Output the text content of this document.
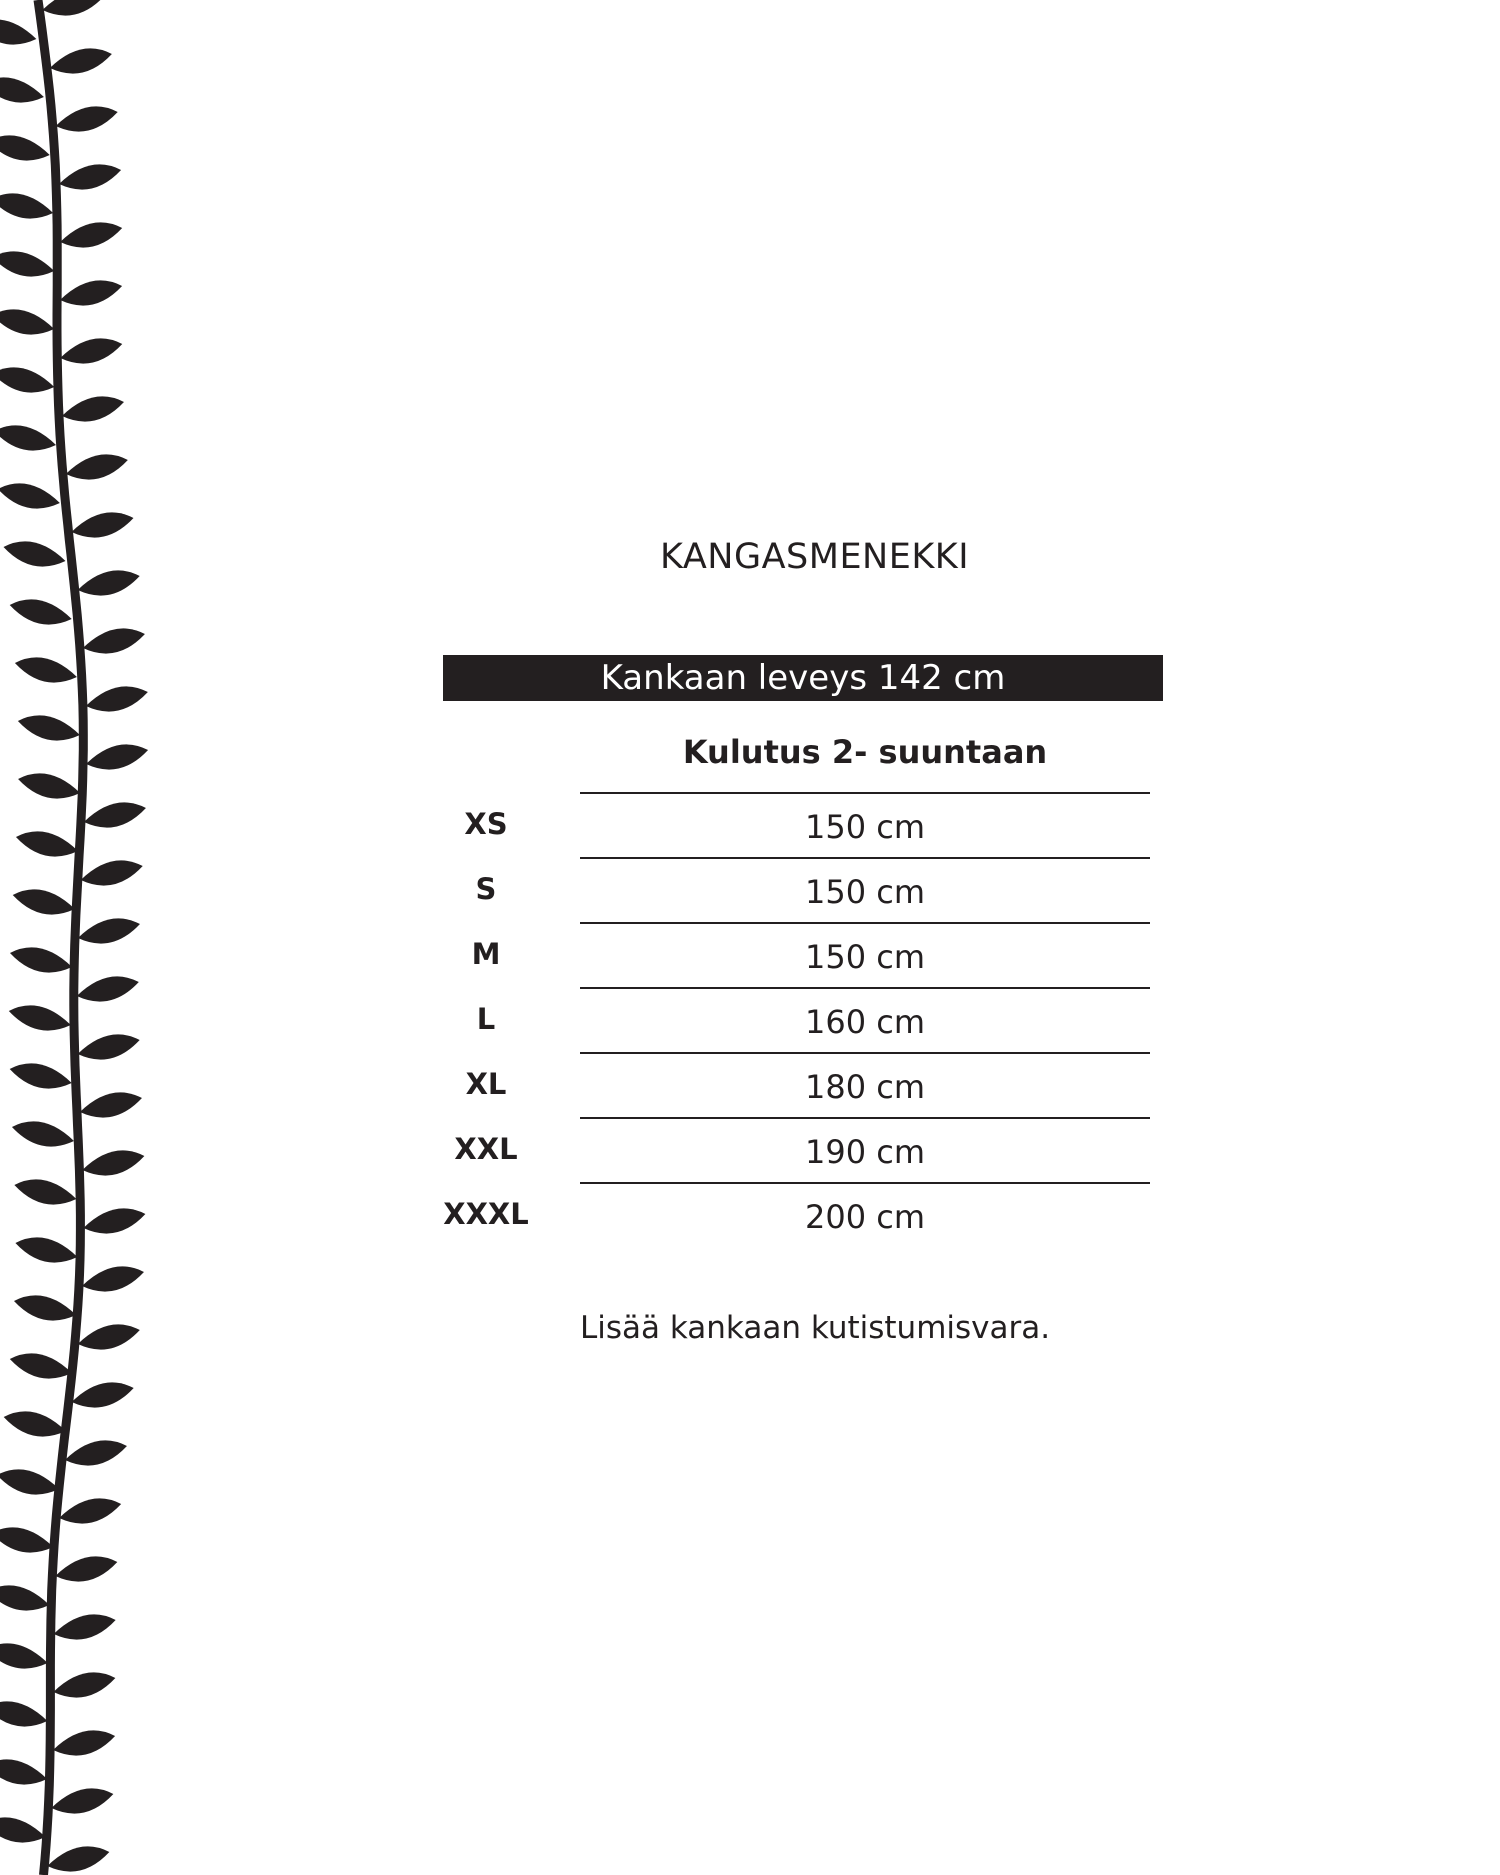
KANGASMENEKKI
Kankaan leveys 142 cm
Kulutus 2- suuntaan
XS	150 cm
S	150 cm
M	150 cm
L	160 cm
XL	180 cm
XXL	190 cm
XXXL	200 cm
Lisää kankaan kutistumisvara.
